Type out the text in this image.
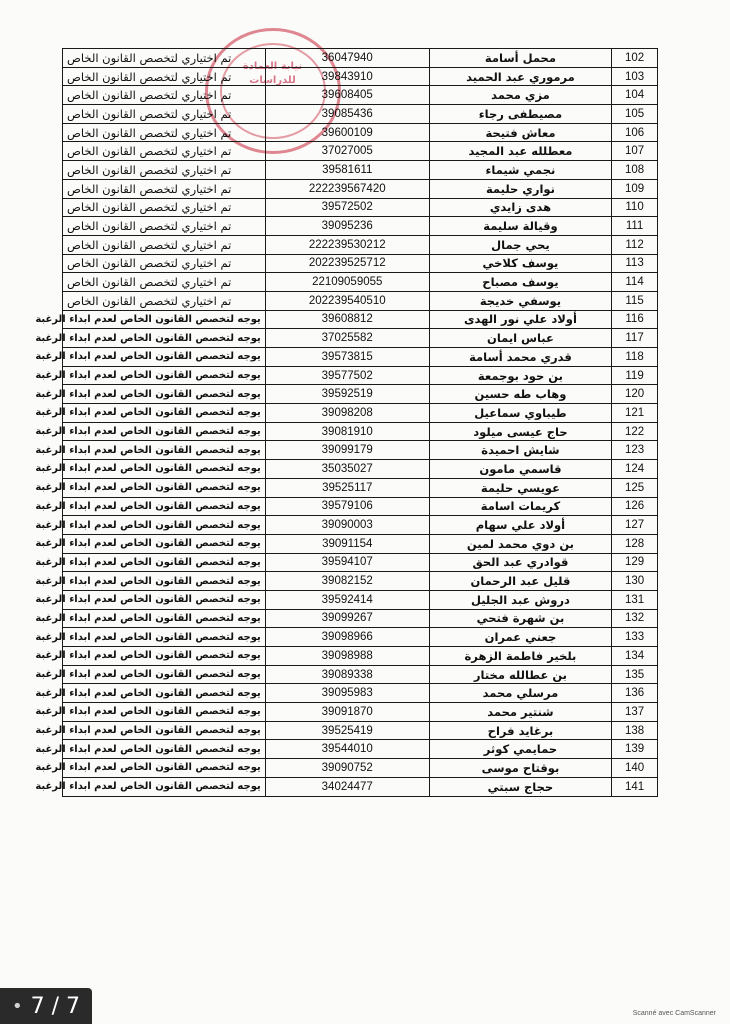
نيابة العمادة للدراسات
تم اختياري لتخصص القانون الخاص	36047940	محمل أسامة	102
تم اختياري لتخصص القانون الخاص	39843910	مرموري عبد الحميد	103
تم اختياري لتخصص القانون الخاص	39608405	مزي محمد	104
تم اختياري لتخصص القانون الخاص	39085436	مصيطفى رجاء	105
تم اختياري لتخصص القانون الخاص	39600109	معاش فتيحة	106
تم اختياري لتخصص القانون الخاص	37027005	معطلله عبد المجيد	107
تم اختياري لتخصص القانون الخاص	39581611	نجمي شيماء	108
تم اختياري لتخصص القانون الخاص	222239567420	نواري حليمة	109
تم اختياري لتخصص القانون الخاص	39572502	هدى زايدي	110
تم اختياري لتخصص القانون الخاص	39095236	وقيالة سليمة	111
تم اختياري لتخصص القانون الخاص	222239530212	يحي جمال	112
تم اختياري لتخصص القانون الخاص	202239525712	يوسف كلاخي	113
تم اختياري لتخصص القانون الخاص	22109059055	يوسف مصباح	114
تم اختياري لتخصص القانون الخاص	202239540510	يوسفي خديجة	115
يوجه لتخصص القانون الخاص لعدم ابداء الرغبة	39608812	أولاد علي نور الهدى	116
يوجه لتخصص القانون الخاص لعدم ابداء الرغبة	37025582	عباس ايمان	117
يوجه لتخصص القانون الخاص لعدم ابداء الرغبة	39573815	قدري محمد أسامة	118
يوجه لتخصص القانون الخاص لعدم ابداء الرغبة	39577502	بن حود بوجمعة	119
يوجه لتخصص القانون الخاص لعدم ابداء الرغبة	39592519	وهاب طه حسين	120
يوجه لتخصص القانون الخاص لعدم ابداء الرغبة	39098208	طيباوي سماعيل	121
يوجه لتخصص القانون الخاص لعدم ابداء الرغبة	39081910	حاج عيسى ميلود	122
يوجه لتخصص القانون الخاص لعدم ابداء الرغبة	39099179	شايش احميدة	123
يوجه لتخصص القانون الخاص لعدم ابداء الرغبة	35035027	قاسمي مامون	124
يوجه لتخصص القانون الخاص لعدم ابداء الرغبة	39525117	عويسي حليمة	125
يوجه لتخصص القانون الخاص لعدم ابداء الرغبة	39579106	كريمات اسامة	126
يوجه لتخصص القانون الخاص لعدم ابداء الرغبة	39090003	أولاد علي سهام	127
يوجه لتخصص القانون الخاص لعدم ابداء الرغبة	39091154	بن دوي محمد لمين	128
يوجه لتخصص القانون الخاص لعدم ابداء الرغبة	39594107	قوادري عبد الحق	129
يوجه لتخصص القانون الخاص لعدم ابداء الرغبة	39082152	قليل عبد الرحمان	130
يوجه لتخصص القانون الخاص لعدم ابداء الرغبة	39592414	دروش عبد الجليل	131
يوجه لتخصص القانون الخاص لعدم ابداء الرغبة	39099267	بن شهرة فتحي	132
يوجه لتخصص القانون الخاص لعدم ابداء الرغبة	39098966	جعني عمران	133
يوجه لتخصص القانون الخاص لعدم ابداء الرغبة	39098988	بلخير فاطمة الزهرة	134
يوجه لتخصص القانون الخاص لعدم ابداء الرغبة	39089338	بن عطالله مختار	135
يوجه لتخصص القانون الخاص لعدم ابداء الرغبة	39095983	مرسلي محمد	136
يوجه لتخصص القانون الخاص لعدم ابداء الرغبة	39091870	شنتير محمد	137
يوجه لتخصص القانون الخاص لعدم ابداء الرغبة	39525419	برغايد فراح	138
يوجه لتخصص القانون الخاص لعدم ابداء الرغبة	39544010	حمايمي كوثر	139
يوجه لتخصص القانون الخاص لعدم ابداء الرغبة	39090752	بوقتاح موسى	140
يوجه لتخصص القانون الخاص لعدم ابداء الرغبة	34024477	حجاج سبتي	141
• 7 / 7	Scanné avec CamScanner
